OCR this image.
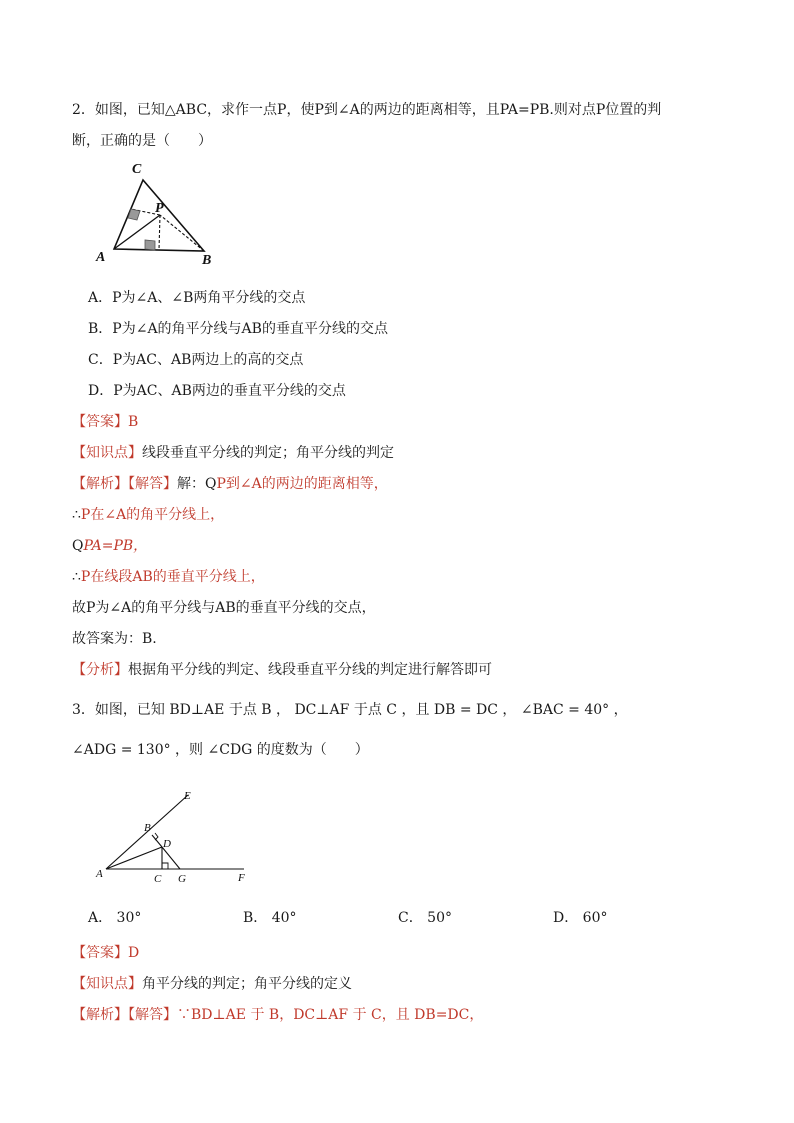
2．如图，已知△ABC，求作一点P，使P到∠A的两边的距离相等，且PA=PB.则对点P位置的判
断，正确的是（　　）
C
P
A	B
A．P为∠A、∠B两角平分线的交点
B．P为∠A的角平分线与AB的垂直平分线的交点
C．P为AC、AB两边上的高的交点
D．P为AC、AB两边的垂直平分线的交点
【答案】B
【知识点】线段垂直平分线的判定；角平分线的判定
【解析】【解答】解：QP到∠A的两边的距离相等，
∴P在∠A的角平分线上，
QPA=PB，
∴P在线段AB的垂直平分线上，
故P为∠A的角平分线与AB的垂直平分线的交点，
故答案为：B.
【分析】根据角平分线的判定、线段垂直平分线的判定进行解答即可
3．如图，已知 BD⊥AE 于点 B ， DC⊥AF 于点 C ，且 DB = DC ， ∠BAC = 40° ，
∠ADG = 130° ，则 ∠CDG 的度数为（　　）
E
B
D
A	C G	F
A． 30°	B． 40°	C． 50°	D． 60°
【答案】D
【知识点】角平分线的判定；角平分线的定义
【解析】【解答】∵BD⊥AE 于 B，DC⊥AF 于 C，且 DB=DC，
